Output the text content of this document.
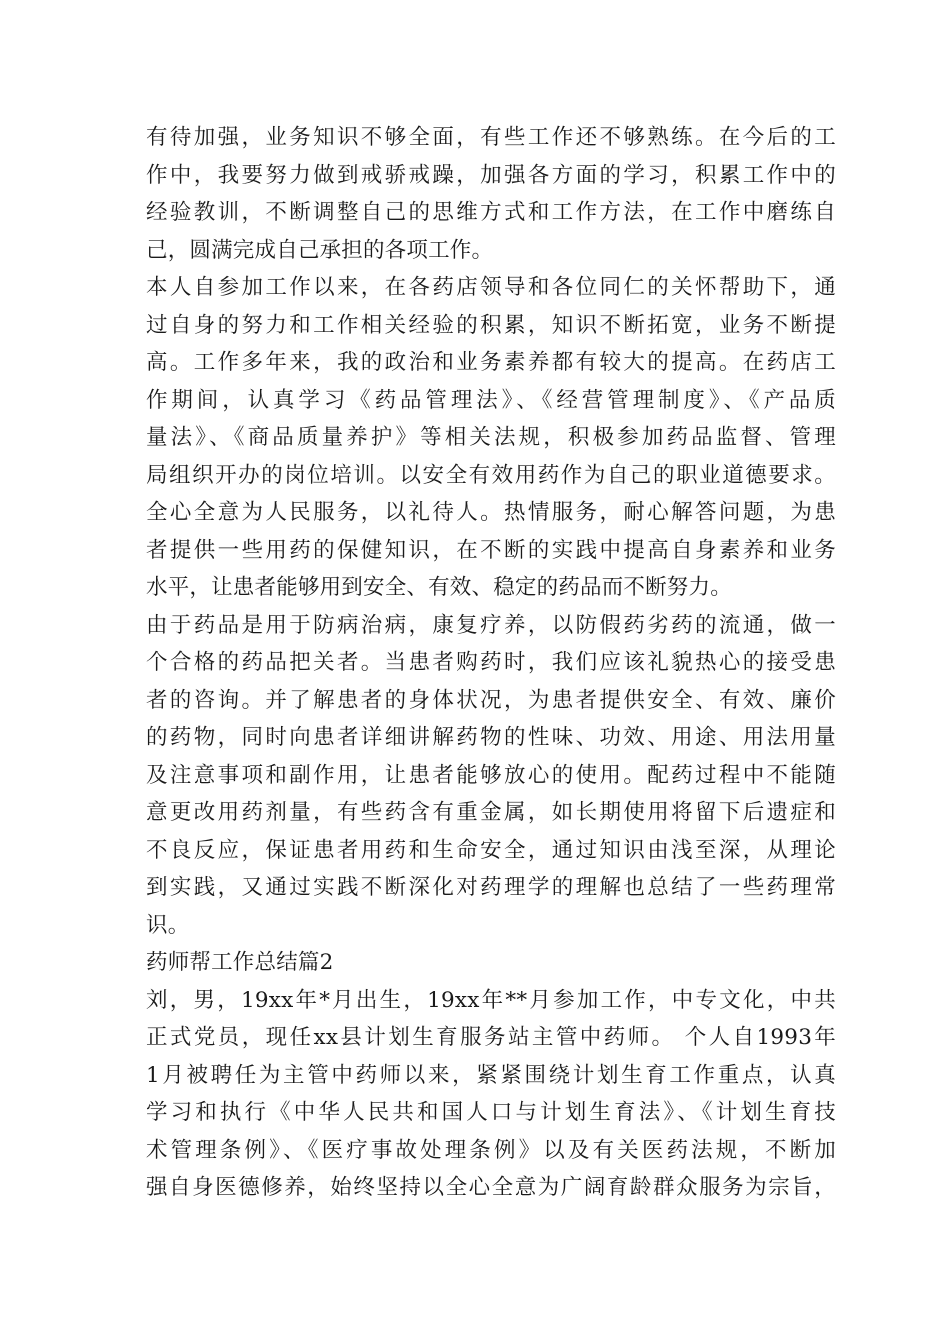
有待加强，业务知识不够全面，有些工作还不够熟练。在今后的工
作中，我要努力做到戒骄戒躁，加强各方面的学习，积累工作中的
经验教训，不断调整自己的思维方式和工作方法，在工作中磨练自
己，圆满完成自己承担的各项工作。
本人自参加工作以来，在各药店领导和各位同仁的关怀帮助下，通
过自身的努力和工作相关经验的积累，知识不断拓宽，业务不断提
高。工作多年来，我的政治和业务素养都有较大的提高。在药店工
作期间，认真学习《药品管理法》、《经营管理制度》、《产品质
量法》、《商品质量养护》等相关法规，积极参加药品监督、管理
局组织开办的岗位培训。以安全有效用药作为自己的职业道德要求。
全心全意为人民服务，以礼待人。热情服务，耐心解答问题，为患
者提供一些用药的保健知识，在不断的实践中提高自身素养和业务
水平，让患者能够用到安全、有效、稳定的药品而不断努力。
由于药品是用于防病治病，康复疗养，以防假药劣药的流通，做一
个合格的药品把关者。当患者购药时，我们应该礼貌热心的接受患
者的咨询。并了解患者的身体状况，为患者提供安全、有效、廉价
的药物，同时向患者详细讲解药物的性味、功效、用途、用法用量
及注意事项和副作用，让患者能够放心的使用。配药过程中不能随
意更改用药剂量，有些药含有重金属，如长期使用将留下后遗症和
不良反应，保证患者用药和生命安全，通过知识由浅至深，从理论
到实践，又通过实践不断深化对药理学的理解也总结了一些药理常
识。
药师帮工作总结篇2
刘，男，19xx年*月出生，19xx年**月参加工作，中专文化，中共
正式党员，现任xx县计划生育服务站主管中药师。 个人自1993年
1月被聘任为主管中药师以来，紧紧围绕计划生育工作重点，认真
学习和执行《中华人民共和国人口与计划生育法》、《计划生育技
术管理条例》、《医疗事故处理条例》以及有关医药法规，不断加
强自身医德修养，始终坚持以全心全意为广阔育龄群众服务为宗旨，
